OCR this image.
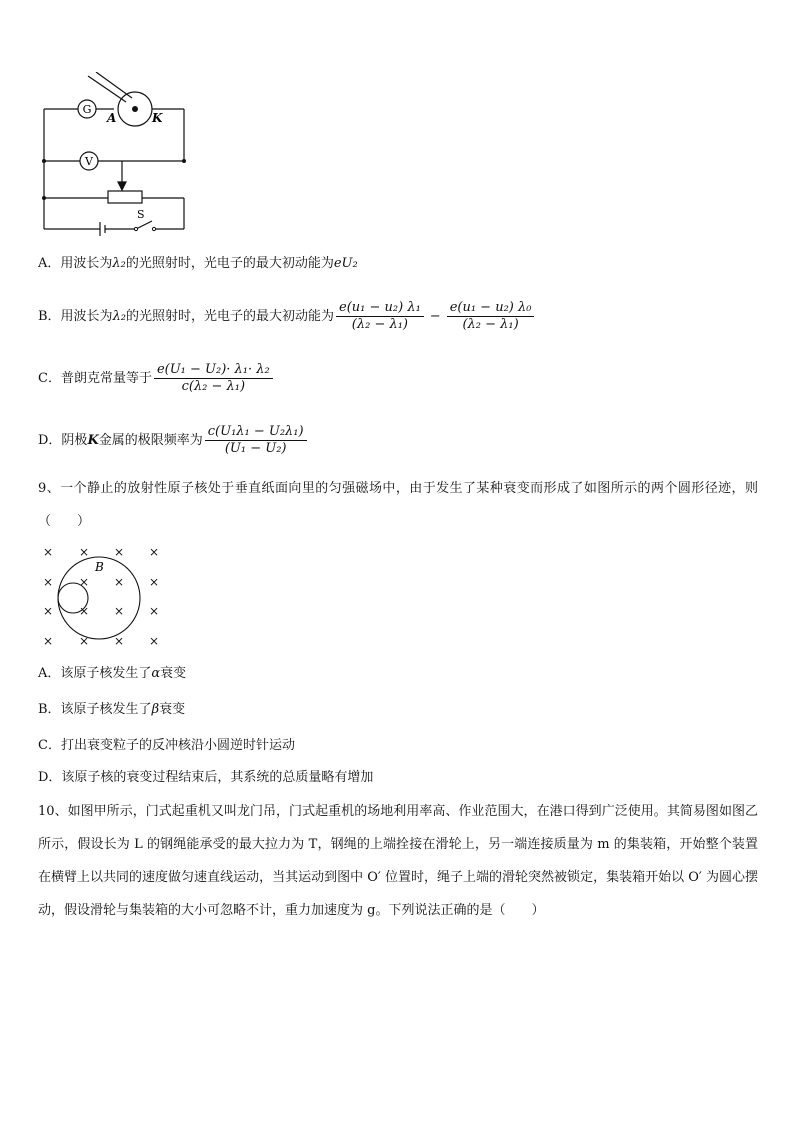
G
V
A	K
S
A．用波长为λ₂的光照射时，光电子的最大初动能为eU₂
B．用波长为λ₂的光照射时，光电子的最大初动能为 $\frac{\text{e(u₁ − u₂) λ₁}}{\text{(λ₂ − λ₁)}} - \frac{\text{e(u₁ − u₂) λ₀}}{\text{(λ₂ − λ₁)}}$
C．普朗克常量等于 $\frac{\text{e(U₁ − U₂)· λ₁· λ₂}}{\text{c(λ₂ − λ₁)}}$
D．阴极K金属的极限频率为 $\frac{\text{c(U₁λ₁ − U₂λ₁)}}{\text{(U₁ − U₂)}}$
9、一个静止的放射性原子核处于垂直纸面向里的匀强磁场中，由于发生了某种衰变而形成了如图所示的两个圆形径迹，则（　　）
× × × ×
× × × ×
× × × ×
× × × ×
B
A．该原子核发生了α衰变
B．该原子核发生了β衰变
C．打出衰变粒子的反冲核沿小圆逆时针运动
D．该原子核的衰变过程结束后，其系统的总质量略有增加
10、如图甲所示，门式起重机又叫龙门吊，门式起重机的场地利用率高、作业范围大，在港口得到广泛使用。其简易图如图乙所示，假设长为 L 的钢绳能承受的最大拉力为 T，钢绳的上端拴接在滑轮上，另一端连接质量为 m 的集装箱，开始整个装置在横臂上以共同的速度做匀速直线运动，当其运动到图中 O′ 位置时，绳子上端的滑轮突然被锁定，集装箱开始以 O′ 为圆心摆动，假设滑轮与集装箱的大小可忽略不计，重力加速度为 g。下列说法正确的是（　　）
